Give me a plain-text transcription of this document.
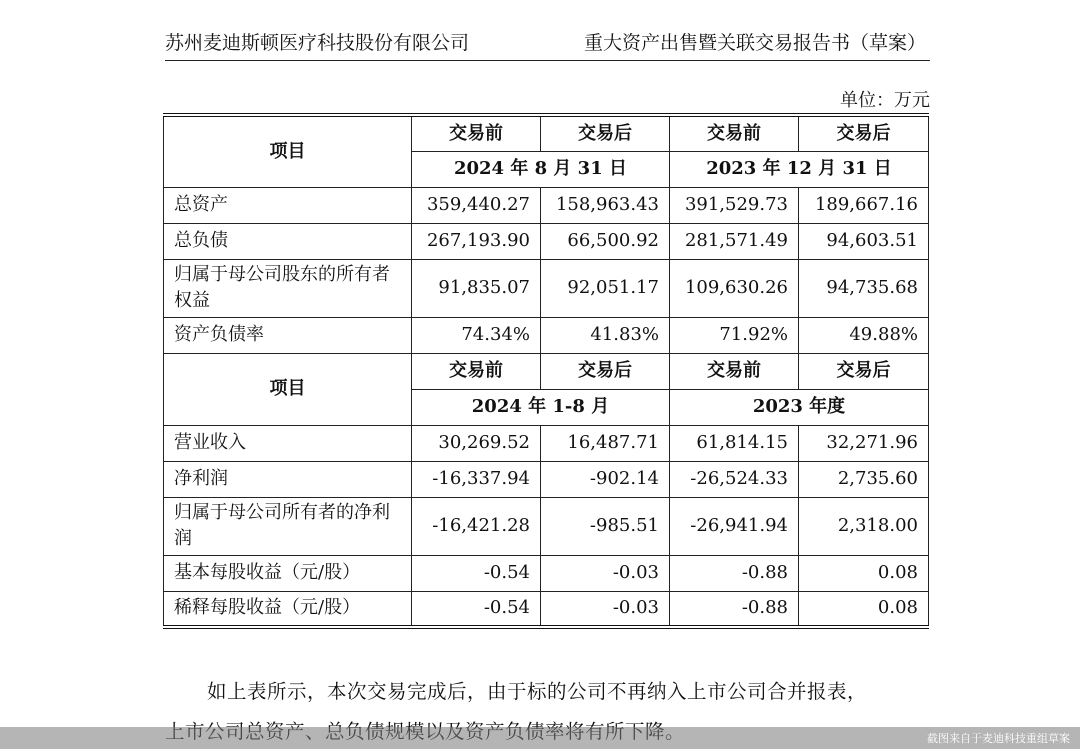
苏州麦迪斯顿医疗科技股份有限公司	重大资产出售暨关联交易报告书（草案）
单位：万元
项目	交易前	交易后	交易前	交易后
	2024 年 8 月 31 日		2023 年 12 月 31 日	
总资产	359,440.27	158,963.43	391,529.73	189,667.16
总负债	267,193.90	66,500.92	281,571.49	94,603.51
归属于母公司股东的所有者权益	91,835.07	92,051.17	109,630.26	94,735.68
资产负债率	74.34%	41.83%	71.92%	49.88%
项目	交易前	交易后	交易前	交易后
	2024 年 1-8 月		2023 年度	
营业收入	30,269.52	16,487.71	61,814.15	32,271.96
净利润	-16,337.94	-902.14	-26,524.33	2,735.60
归属于母公司所有者的净利润	-16,421.28	-985.51	-26,941.94	2,318.00
基本每股收益（元/股）	-0.54	-0.03	-0.88	0.08
稀释每股收益（元/股）	-0.54	-0.03	-0.88	0.08
如上表所示，本次交易完成后，由于标的公司不再纳入上市公司合并报表，
截图来自于麦迪科技重组草案
